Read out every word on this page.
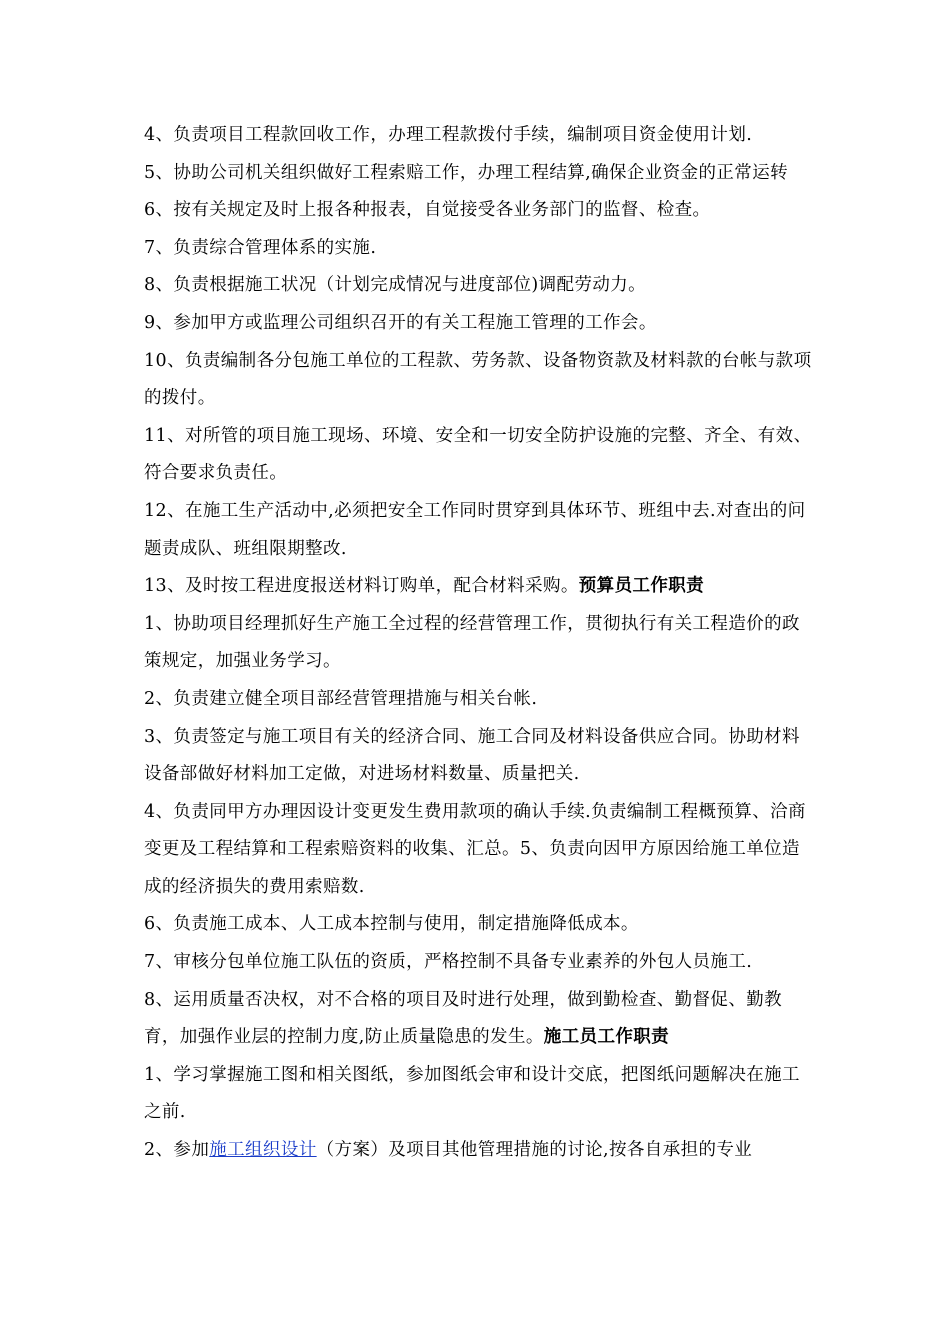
4、负责项目工程款回收工作，办理工程款拨付手续，编制项目资金使用计划.

5、协助公司机关组织做好工程索赔工作，办理工程结算,确保企业资金的正常运转

6、按有关规定及时上报各种报表，自觉接受各业务部门的监督、检查。

7、负责综合管理体系的实施.

8、负责根据施工状况（计划完成情况与进度部位)调配劳动力。

9、参加甲方或监理公司组织召开的有关工程施工管理的工作会。

10、负责编制各分包施工单位的工程款、劳务款、设备物资款及材料款的台帐与款项的拨付。

11、对所管的项目施工现场、环境、安全和一切安全防护设施的完整、齐全、有效、符合要求负责任。

12、在施工生产活动中,必须把安全工作同时贯穿到具体环节、班组中去.对查出的问题责成队、班组限期整改.

13、及时按工程进度报送材料订购单，配合材料采购。预算员工作职责

1、协助项目经理抓好生产施工全过程的经营管理工作，贯彻执行有关工程造价的政策规定，加强业务学习。

2、负责建立健全项目部经营管理措施与相关台帐.

3、负责签定与施工项目有关的经济合同、施工合同及材料设备供应合同。协助材料设备部做好材料加工定做，对进场材料数量、质量把关.

4、负责同甲方办理因设计变更发生费用款项的确认手续.负责编制工程概预算、洽商变更及工程结算和工程索赔资料的收集、汇总。5、负责向因甲方原因给施工单位造成的经济损失的费用索赔数.

6、负责施工成本、人工成本控制与使用，制定措施降低成本。

7、审核分包单位施工队伍的资质，严格控制不具备专业素养的外包人员施工.

8、运用质量否决权，对不合格的项目及时进行处理，做到勤检查、勤督促、勤教育，加强作业层的控制力度,防止质量隐患的发生。施工员工作职责

1、学习掌握施工图和相关图纸，参加图纸会审和设计交底，把图纸问题解决在施工之前.

2、参加施工组织设计（方案）及项目其他管理措施的讨论,按各自承担的专业
